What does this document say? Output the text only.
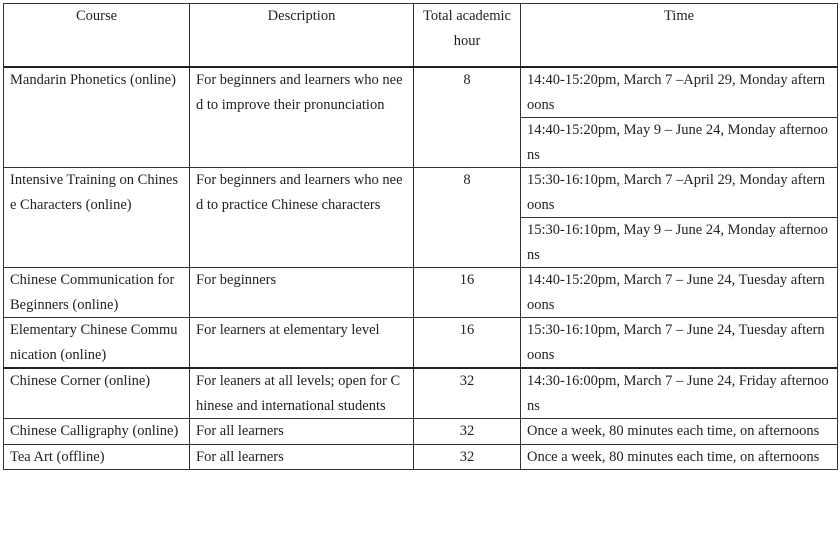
Course	Description	Total academic hour	Time
Mandarin Phonetics (online)	For beginners and learners who need to improve their pronunciation	8	14:40-15:20pm, March 7 –April 29, Monday afternoons
			14:40-15:20pm, May 9 – June 24, Monday afternoons
Intensive Training on Chinese Characters (online)	For beginners and learners who need to practice Chinese characters	8	15:30-16:10pm, March 7 –April 29, Monday afternoons
			15:30-16:10pm, May 9 – June 24, Monday afternoons
Chinese Communication for Beginners (online)	For beginners	16	14:40-15:20pm, March 7 – June 24, Tuesday afternoons
Elementary Chinese Communication (online)	For learners at elementary level	16	15:30-16:10pm, March 7 – June 24, Tuesday afternoons
Chinese Corner (online)	For leaners at all levels; open for Chinese and international students	32	14:30-16:00pm, March 7 – June 24, Friday afternoons
Chinese Calligraphy (online)	For all learners	32	Once a week, 80 minutes each time, on afternoons
Tea Art (offline)	For all learners	32	Once a week, 80 minutes each time, on afternoons
